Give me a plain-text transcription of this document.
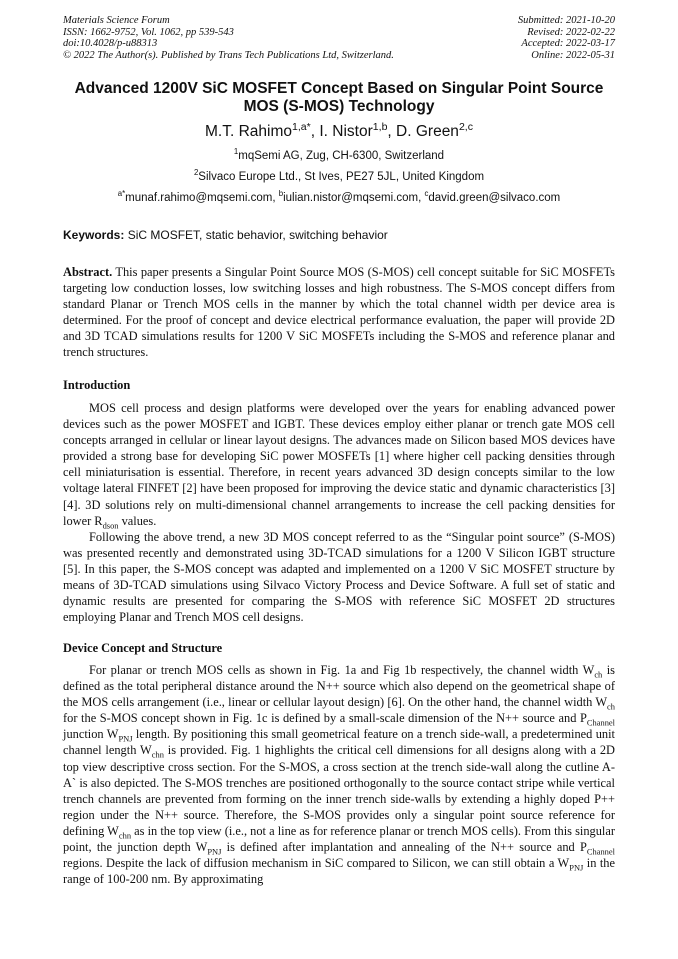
Materials Science Forum
ISSN: 1662-9752, Vol. 1062, pp 539-543
doi:10.4028/p-u88313
© 2022 The Author(s). Published by Trans Tech Publications Ltd, Switzerland.
Submitted: 2021-10-20
Revised: 2022-02-22
Accepted: 2022-03-17
Online: 2022-05-31
Advanced 1200V SiC MOSFET Concept Based on Singular Point Source
MOS (S-MOS) Technology
M.T. Rahimo$^{1,a*}$, I. Nistor$^{1,b}$, D. Green$^{2,c}$
$^1$mqSemi AG, Zug, CH-6300, Switzerland
$^2$Silvaco Europe Ltd., St Ives, PE27 5JL, United Kingdom
$^{a*}$munaf.rahimo@mqsemi.com, $^b$iulian.nistor@mqsemi.com, $^c$david.green@silvaco.com
Keywords: SiC MOSFET, static behavior, switching behavior

Abstract. This paper presents a Singular Point Source MOS (S-MOS) cell concept suitable for SiC MOSFETs targeting low conduction losses, low switching losses and high robustness. The S-MOS concept differs from standard Planar or Trench MOS cells in the manner by which the total channel width per device area is determined. For the proof of concept and device electrical performance evaluation, the paper will provide 2D and 3D TCAD simulations results for 1200 V SiC MOSFETs including the S-MOS and reference planar and trench structures.

Introduction

MOS cell process and design platforms were developed over the years for enabling advanced power devices such as the power MOSFET and IGBT. These devices employ either planar or trench gate MOS cell concepts arranged in cellular or linear layout designs. The advances made on Silicon based MOS devices have provided a strong base for developing SiC power MOSFETs [1] where higher cell packing densities through cell miniaturisation is essential. Therefore, in recent years advanced 3D design concepts similar to the low voltage lateral FINFET [2] have been proposed for improving the device static and dynamic characteristics [3][4]. 3D solutions rely on multi-dimensional channel arrangements to increase the cell packing densities for lower $R_{dson}$ values.

Following the above trend, a new 3D MOS concept referred to as the “Singular point source” (S-MOS) was presented recently and demonstrated using 3D-TCAD simulations for a 1200 V Silicon IGBT structure [5]. In this paper, the S-MOS concept was adapted and implemented on a 1200 V SiC MOSFET structure by means of 3D-TCAD simulations using Silvaco Victory Process and Device Software. A full set of static and dynamic results are presented for comparing the S-MOS with reference SiC MOSFET 2D structures employing Planar and Trench MOS cell designs.

Device Concept and Structure

For planar or trench MOS cells as shown in Fig. 1a and Fig 1b respectively, the channel width $W_{ch}$ is defined as the total peripheral distance around the N++ source which also depend on the geometrical shape of the MOS cells arrangement (i.e., linear or cellular layout design) [6]. On the other hand, the channel width $W_{ch}$ for the S-MOS concept shown in Fig. 1c is defined by a small-scale dimension of the N++ source and $P_{Channel}$ junction $W_{PNJ}$ length. By positioning this small geometrical feature on a trench side-wall, a predetermined unit channel length $W_{chn}$ is provided. Fig. 1 highlights the critical cell dimensions for all designs along with a 2D top view descriptive cross section. For the S-MOS, a cross section at the trench side-wall along the cutline A-A` is also depicted. The S-MOS trenches are positioned orthogonally to the source contact stripe while vertical trench channels are prevented from forming on the inner trench side-walls by extending a highly doped P++ region under the N++ source. Therefore, the S-MOS provides only a singular point source reference for defining $W_{chn}$ as in the top view (i.e., not a line as for reference planar or trench MOS cells). From this singular point, the junction depth $W_{PNJ}$ is defined after implantation and annealing of the N++ source and $P_{Channel}$ regions. Despite the lack of diffusion mechanism in SiC compared to Silicon, we can still obtain a $W_{PNJ}$ in the range of 100-200 nm. By approximating
